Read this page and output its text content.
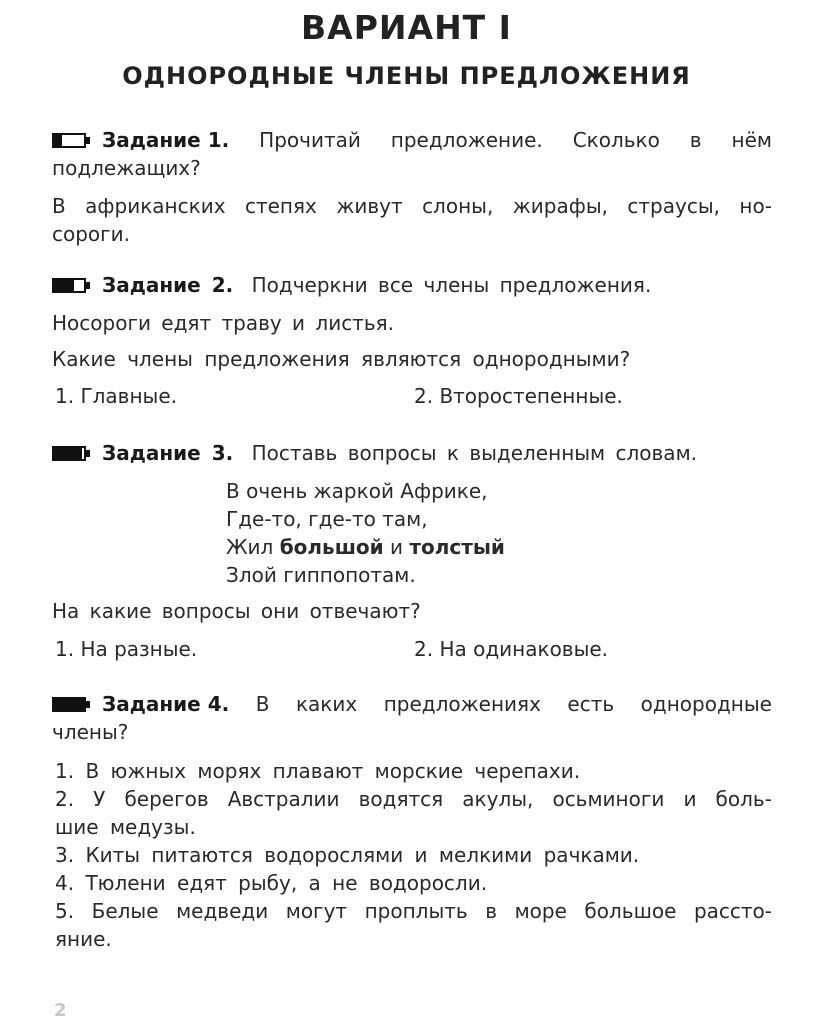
ВАРИАНТ I
ОДНОРОДНЫЕ ЧЛЕНЫ ПРЕДЛОЖЕНИЯ
Задание 1. Прочитай предложение. Сколько в нём
подлежащих?
В африканских степях живут слоны, жирафы, страусы, но-
сороги.
Задание 2. Подчеркни все члены предложения.
Носороги едят траву и листья.
Какие члены предложения являются однородными?
1. Главные.	2. Второстепенные.
Задание 3. Поставь вопросы к выделенным словам.
В очень жаркой Африке,
Где-то, где-то там,
Жил большой и толстый
Злой гиппопотам.
На какие вопросы они отвечают?
1. На разные.	2. На одинаковые.
Задание 4. В каких предложениях есть однородные
члены?
1. В южных морях плавают морские черепахи.
2. У берегов Австралии водятся акулы, осьминоги и боль-
шие медузы.
3. Киты питаются водорослями и мелкими рачками.
4. Тюлени едят рыбу, а не водоросли.
5. Белые медведи могут проплыть в море большое рассто-
яние.
2
